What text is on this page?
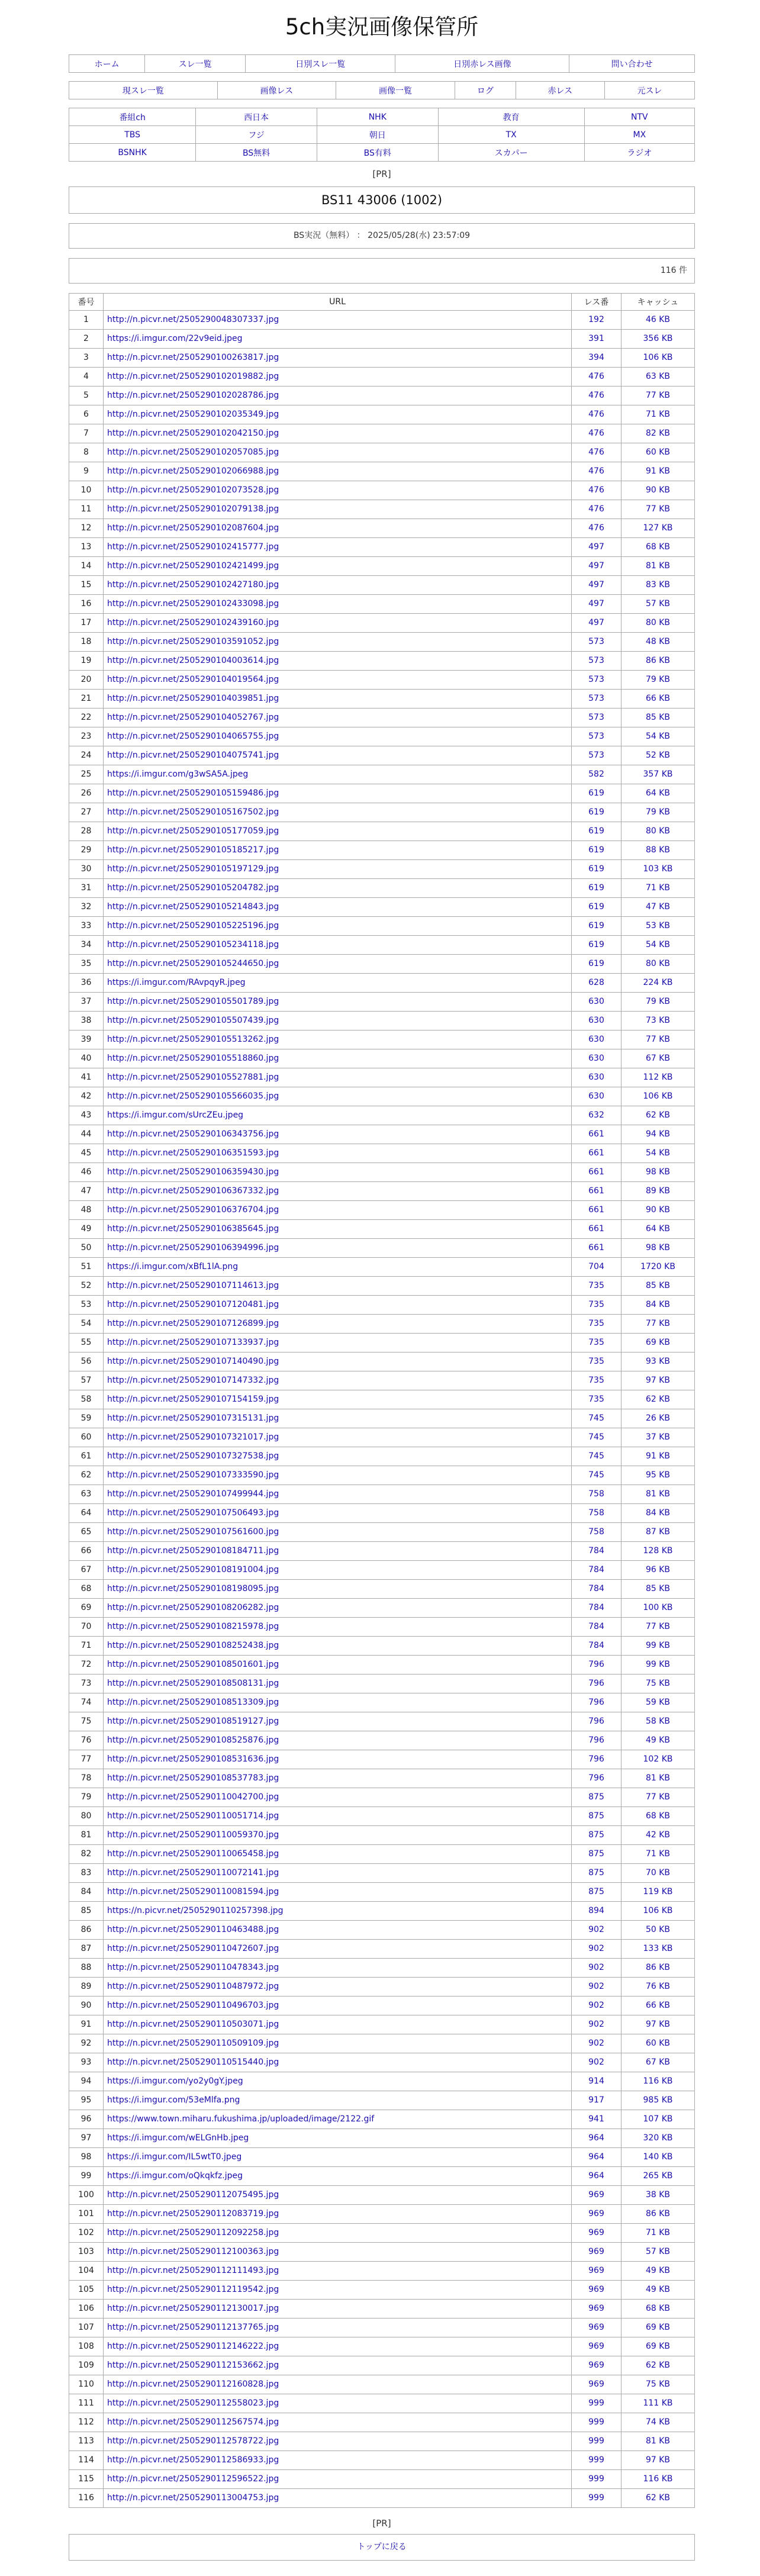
5ch実況画像保管所
ホーム	スレ一覧	日別スレ一覧	日別赤レス画像	問い合わせ
現スレ一覧	画像レス	画像一覧	ログ	赤レス	元スレ
番組ch	西日本	NHK	教育	NTV
TBS	フジ	朝日	TX	MX
BSNHK	BS無料	BS有料	スカパー	ラジオ
[PR]
BS11 43006 (1002)
BS実況（無料） ： 2025/05/28(水) 23:57:09
116 件
番号	URL	レス番	キャッシュ
1	http://n.picvr.net/2505290048307337.jpg	192	46 KB
2	https://i.imgur.com/22v9eid.jpeg	391	356 KB
3	http://n.picvr.net/2505290100263817.jpg	394	106 KB
4	http://n.picvr.net/2505290102019882.jpg	476	63 KB
5	http://n.picvr.net/2505290102028786.jpg	476	77 KB
6	http://n.picvr.net/2505290102035349.jpg	476	71 KB
7	http://n.picvr.net/2505290102042150.jpg	476	82 KB
8	http://n.picvr.net/2505290102057085.jpg	476	60 KB
9	http://n.picvr.net/2505290102066988.jpg	476	91 KB
10	http://n.picvr.net/2505290102073528.jpg	476	90 KB
11	http://n.picvr.net/2505290102079138.jpg	476	77 KB
12	http://n.picvr.net/2505290102087604.jpg	476	127 KB
13	http://n.picvr.net/2505290102415777.jpg	497	68 KB
14	http://n.picvr.net/2505290102421499.jpg	497	81 KB
15	http://n.picvr.net/2505290102427180.jpg	497	83 KB
16	http://n.picvr.net/2505290102433098.jpg	497	57 KB
17	http://n.picvr.net/2505290102439160.jpg	497	80 KB
18	http://n.picvr.net/2505290103591052.jpg	573	48 KB
19	http://n.picvr.net/2505290104003614.jpg	573	86 KB
20	http://n.picvr.net/2505290104019564.jpg	573	79 KB
21	http://n.picvr.net/2505290104039851.jpg	573	66 KB
22	http://n.picvr.net/2505290104052767.jpg	573	85 KB
23	http://n.picvr.net/2505290104065755.jpg	573	54 KB
24	http://n.picvr.net/2505290104075741.jpg	573	52 KB
25	https://i.imgur.com/g3wSA5A.jpeg	582	357 KB
26	http://n.picvr.net/2505290105159486.jpg	619	64 KB
27	http://n.picvr.net/2505290105167502.jpg	619	79 KB
28	http://n.picvr.net/2505290105177059.jpg	619	80 KB
29	http://n.picvr.net/2505290105185217.jpg	619	88 KB
30	http://n.picvr.net/2505290105197129.jpg	619	103 KB
31	http://n.picvr.net/2505290105204782.jpg	619	71 KB
32	http://n.picvr.net/2505290105214843.jpg	619	47 KB
33	http://n.picvr.net/2505290105225196.jpg	619	53 KB
34	http://n.picvr.net/2505290105234118.jpg	619	54 KB
35	http://n.picvr.net/2505290105244650.jpg	619	80 KB
36	https://i.imgur.com/RAvpqyR.jpeg	628	224 KB
37	http://n.picvr.net/2505290105501789.jpg	630	79 KB
38	http://n.picvr.net/2505290105507439.jpg	630	73 KB
39	http://n.picvr.net/2505290105513262.jpg	630	77 KB
40	http://n.picvr.net/2505290105518860.jpg	630	67 KB
41	http://n.picvr.net/2505290105527881.jpg	630	112 KB
42	http://n.picvr.net/2505290105566035.jpg	630	106 KB
43	https://i.imgur.com/sUrcZEu.jpeg	632	62 KB
44	http://n.picvr.net/2505290106343756.jpg	661	94 KB
45	http://n.picvr.net/2505290106351593.jpg	661	54 KB
46	http://n.picvr.net/2505290106359430.jpg	661	98 KB
47	http://n.picvr.net/2505290106367332.jpg	661	89 KB
48	http://n.picvr.net/2505290106376704.jpg	661	90 KB
49	http://n.picvr.net/2505290106385645.jpg	661	64 KB
50	http://n.picvr.net/2505290106394996.jpg	661	98 KB
51	https://i.imgur.com/xBfL1lA.png	704	1720 KB
52	http://n.picvr.net/2505290107114613.jpg	735	85 KB
53	http://n.picvr.net/2505290107120481.jpg	735	84 KB
54	http://n.picvr.net/2505290107126899.jpg	735	77 KB
55	http://n.picvr.net/2505290107133937.jpg	735	69 KB
56	http://n.picvr.net/2505290107140490.jpg	735	93 KB
57	http://n.picvr.net/2505290107147332.jpg	735	97 KB
58	http://n.picvr.net/2505290107154159.jpg	735	62 KB
59	http://n.picvr.net/2505290107315131.jpg	745	26 KB
60	http://n.picvr.net/2505290107321017.jpg	745	37 KB
61	http://n.picvr.net/2505290107327538.jpg	745	91 KB
62	http://n.picvr.net/2505290107333590.jpg	745	95 KB
63	http://n.picvr.net/2505290107499944.jpg	758	81 KB
64	http://n.picvr.net/2505290107506493.jpg	758	84 KB
65	http://n.picvr.net/2505290107561600.jpg	758	87 KB
66	http://n.picvr.net/2505290108184711.jpg	784	128 KB
67	http://n.picvr.net/2505290108191004.jpg	784	96 KB
68	http://n.picvr.net/2505290108198095.jpg	784	85 KB
69	http://n.picvr.net/2505290108206282.jpg	784	100 KB
70	http://n.picvr.net/2505290108215978.jpg	784	77 KB
71	http://n.picvr.net/2505290108252438.jpg	784	99 KB
72	http://n.picvr.net/2505290108501601.jpg	796	99 KB
73	http://n.picvr.net/2505290108508131.jpg	796	75 KB
74	http://n.picvr.net/2505290108513309.jpg	796	59 KB
75	http://n.picvr.net/2505290108519127.jpg	796	58 KB
76	http://n.picvr.net/2505290108525876.jpg	796	49 KB
77	http://n.picvr.net/2505290108531636.jpg	796	102 KB
78	http://n.picvr.net/2505290108537783.jpg	796	81 KB
79	http://n.picvr.net/2505290110042700.jpg	875	77 KB
80	http://n.picvr.net/2505290110051714.jpg	875	68 KB
81	http://n.picvr.net/2505290110059370.jpg	875	42 KB
82	http://n.picvr.net/2505290110065458.jpg	875	71 KB
83	http://n.picvr.net/2505290110072141.jpg	875	70 KB
84	http://n.picvr.net/2505290110081594.jpg	875	119 KB
85	https://n.picvr.net/2505290110257398.jpg	894	106 KB
86	http://n.picvr.net/2505290110463488.jpg	902	50 KB
87	http://n.picvr.net/2505290110472607.jpg	902	133 KB
88	http://n.picvr.net/2505290110478343.jpg	902	86 KB
89	http://n.picvr.net/2505290110487972.jpg	902	76 KB
90	http://n.picvr.net/2505290110496703.jpg	902	66 KB
91	http://n.picvr.net/2505290110503071.jpg	902	97 KB
92	http://n.picvr.net/2505290110509109.jpg	902	60 KB
93	http://n.picvr.net/2505290110515440.jpg	902	67 KB
94	https://i.imgur.com/yo2y0gY.jpeg	914	116 KB
95	https://i.imgur.com/53eMlfa.png	917	985 KB
96	https://www.town.miharu.fukushima.jp/uploaded/image/2122.gif	941	107 KB
97	https://i.imgur.com/wELGnHb.jpeg	964	320 KB
98	https://i.imgur.com/IL5wtT0.jpeg	964	140 KB
99	https://i.imgur.com/oQkqkfz.jpeg	964	265 KB
100	http://n.picvr.net/2505290112075495.jpg	969	38 KB
101	http://n.picvr.net/2505290112083719.jpg	969	86 KB
102	http://n.picvr.net/2505290112092258.jpg	969	71 KB
103	http://n.picvr.net/2505290112100363.jpg	969	57 KB
104	http://n.picvr.net/2505290112111493.jpg	969	49 KB
105	http://n.picvr.net/2505290112119542.jpg	969	49 KB
106	http://n.picvr.net/2505290112130017.jpg	969	68 KB
107	http://n.picvr.net/2505290112137765.jpg	969	69 KB
108	http://n.picvr.net/2505290112146222.jpg	969	69 KB
109	http://n.picvr.net/2505290112153662.jpg	969	62 KB
110	http://n.picvr.net/2505290112160828.jpg	969	75 KB
111	http://n.picvr.net/2505290112558023.jpg	999	111 KB
112	http://n.picvr.net/2505290112567574.jpg	999	74 KB
113	http://n.picvr.net/2505290112578722.jpg	999	81 KB
114	http://n.picvr.net/2505290112586933.jpg	999	97 KB
115	http://n.picvr.net/2505290112596522.jpg	999	116 KB
116	http://n.picvr.net/2505290113004753.jpg	999	62 KB
[PR]
トップに戻る
